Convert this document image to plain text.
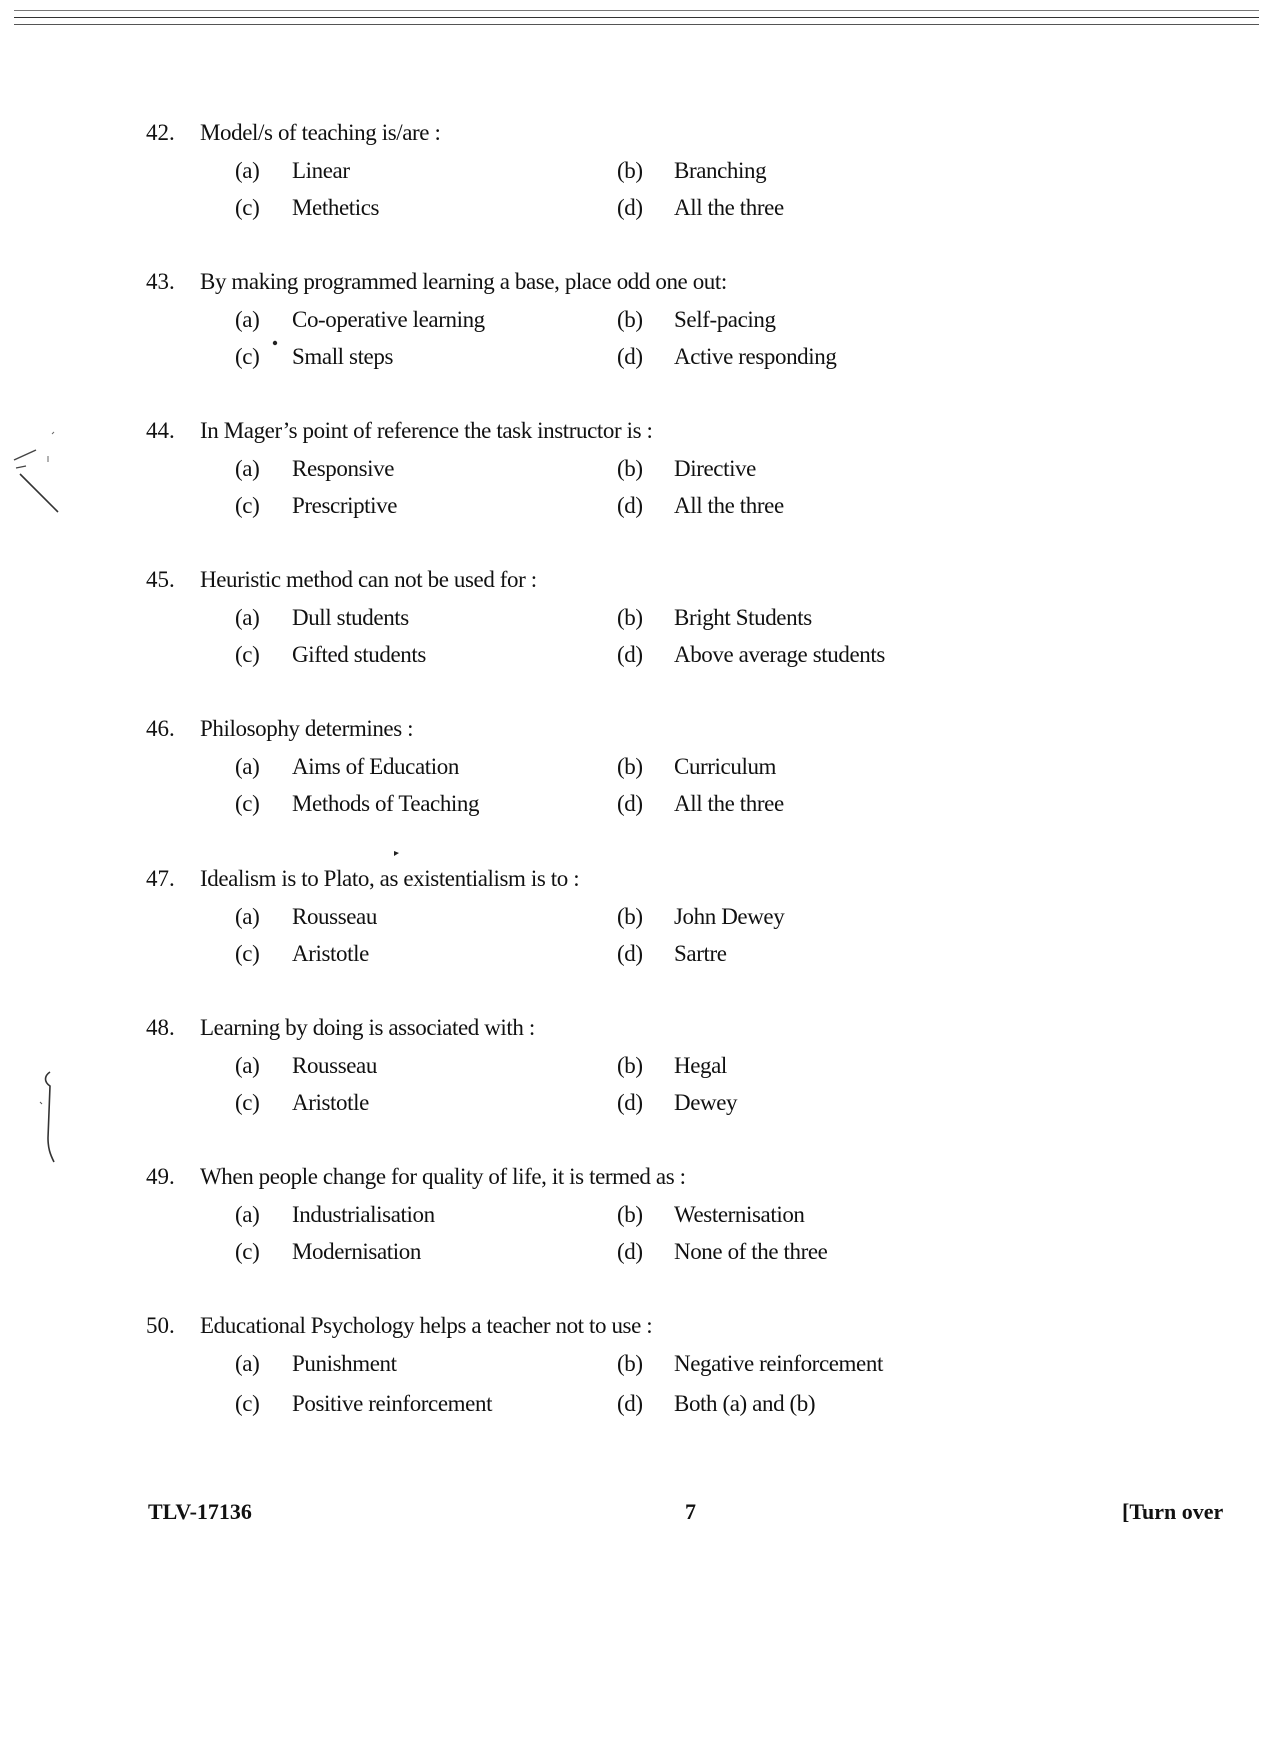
42. Model/s of teaching is/are :
(a) Linear	(b) Branching
(c) Methetics	(d) All the three
43. By making programmed learning a base, place odd one out:
(a) Co-operative learning	(b) Self-pacing
(c) Small steps	(d) Active responding
44. In Mager’s point of reference the task instructor is :
(a) Responsive	(b) Directive
(c) Prescriptive	(d) All the three
45. Heuristic method can not be used for :
(a) Dull students	(b) Bright Students
(c) Gifted students	(d) Above average students
46. Philosophy determines :
(a) Aims of Education	(b) Curriculum
(c) Methods of Teaching	(d) All the three
47. Idealism is to Plato, as existentialism is to :
(a) Rousseau	(b) John Dewey
(c) Aristotle	(d) Sartre
48. Learning by doing is associated with :
(a) Rousseau	(b) Hegal
(c) Aristotle	(d) Dewey
49. When people change for quality of life, it is termed as :
(a) Industrialisation	(b) Westernisation
(c) Modernisation	(d) None of the three
50. Educational Psychology helps a teacher not to use :
(a) Punishment	(b) Negative reinforcement
(c) Positive reinforcement	(d) Both (a) and (b)
TLV-17136	7	[Turn over
